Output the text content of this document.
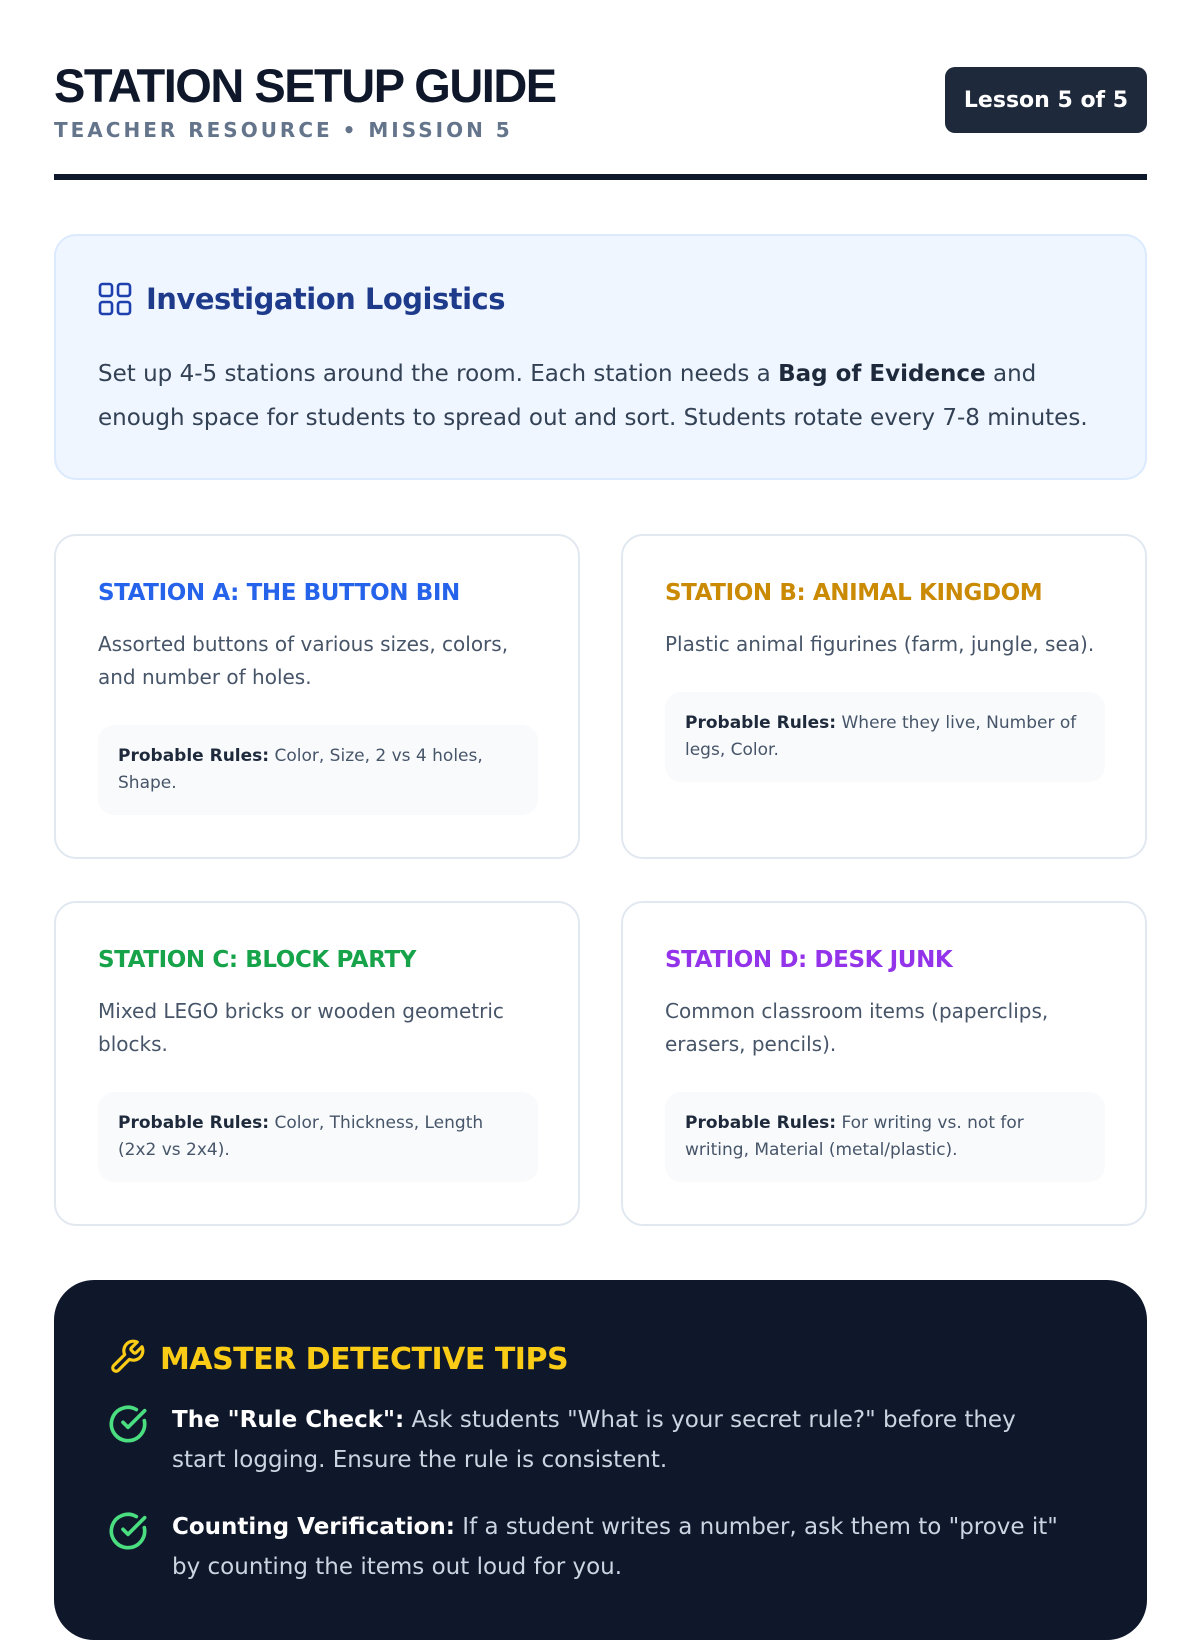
STATION SETUP GUIDE
TEACHER RESOURCE • MISSION 5
Lesson 5 of 5
Investigation Logistics

Set up 4-5 stations around the room. Each station needs a Bag of Evidence and enough space for students to spread out and sort. Students rotate every 7-8 minutes.

STATION A: THE BUTTON BIN

Assorted buttons of various sizes, colors, and number of holes.

Probable Rules: Color, Size, 2 vs 4 holes, Shape.
STATION B: ANIMAL KINGDOM

Plastic animal figurines (farm, jungle, sea).

Probable Rules: Where they live, Number of legs, Color.
STATION C: BLOCK PARTY

Mixed LEGO bricks or wooden geometric blocks.

Probable Rules: Color, Thickness, Length (2x2 vs 2x4).
STATION D: DESK JUNK

Common classroom items (paperclips, erasers, pencils).

Probable Rules: For writing vs. not for writing, Material (metal/plastic).
MASTER DETECTIVE TIPS

The "Rule Check": Ask students "What is your secret rule?" before they start logging. Ensure the rule is consistent.

Counting Verification: If a student writes a number, ask them to "prove it" by counting the items out loud for you.
